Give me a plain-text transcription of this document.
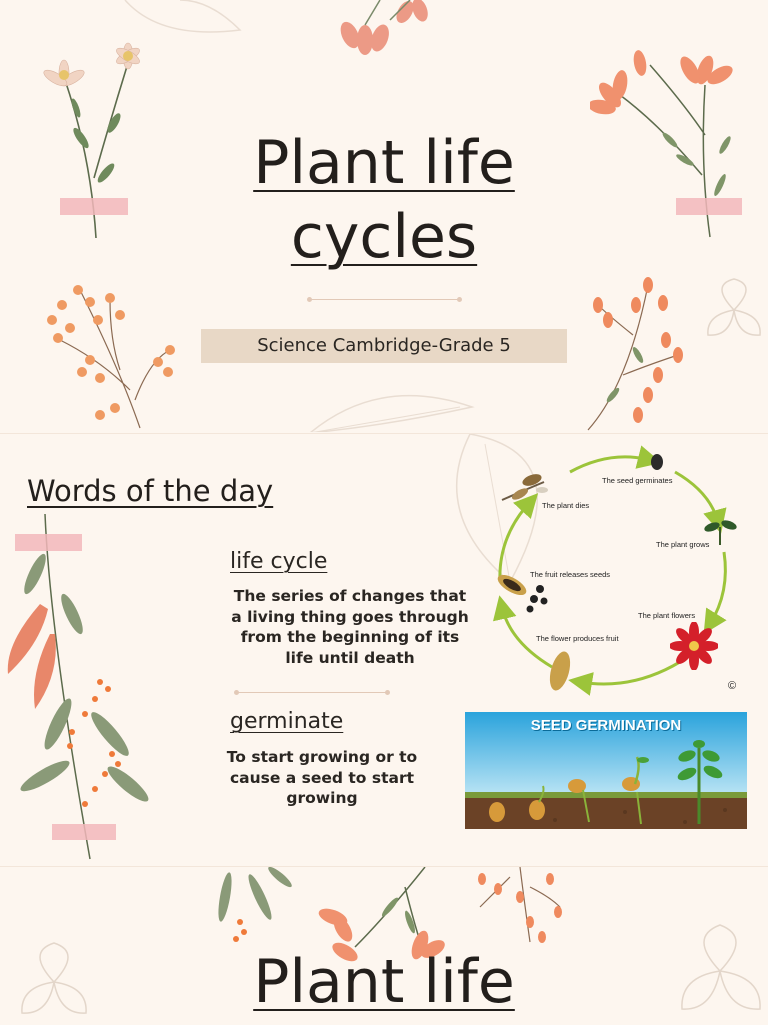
Plant life
cycles
Science Cambridge-Grade 5
Words of the day
life cycle
The series of changes that a living thing goes through from the beginning of its life until death
germinate
To start growing or to cause a seed to start growing
The seed germinates
The plant dies
The plant grows
The fruit releases seeds
The plant flowers
The flower produces fruit
©
SEED GERMINATION
Plant life
